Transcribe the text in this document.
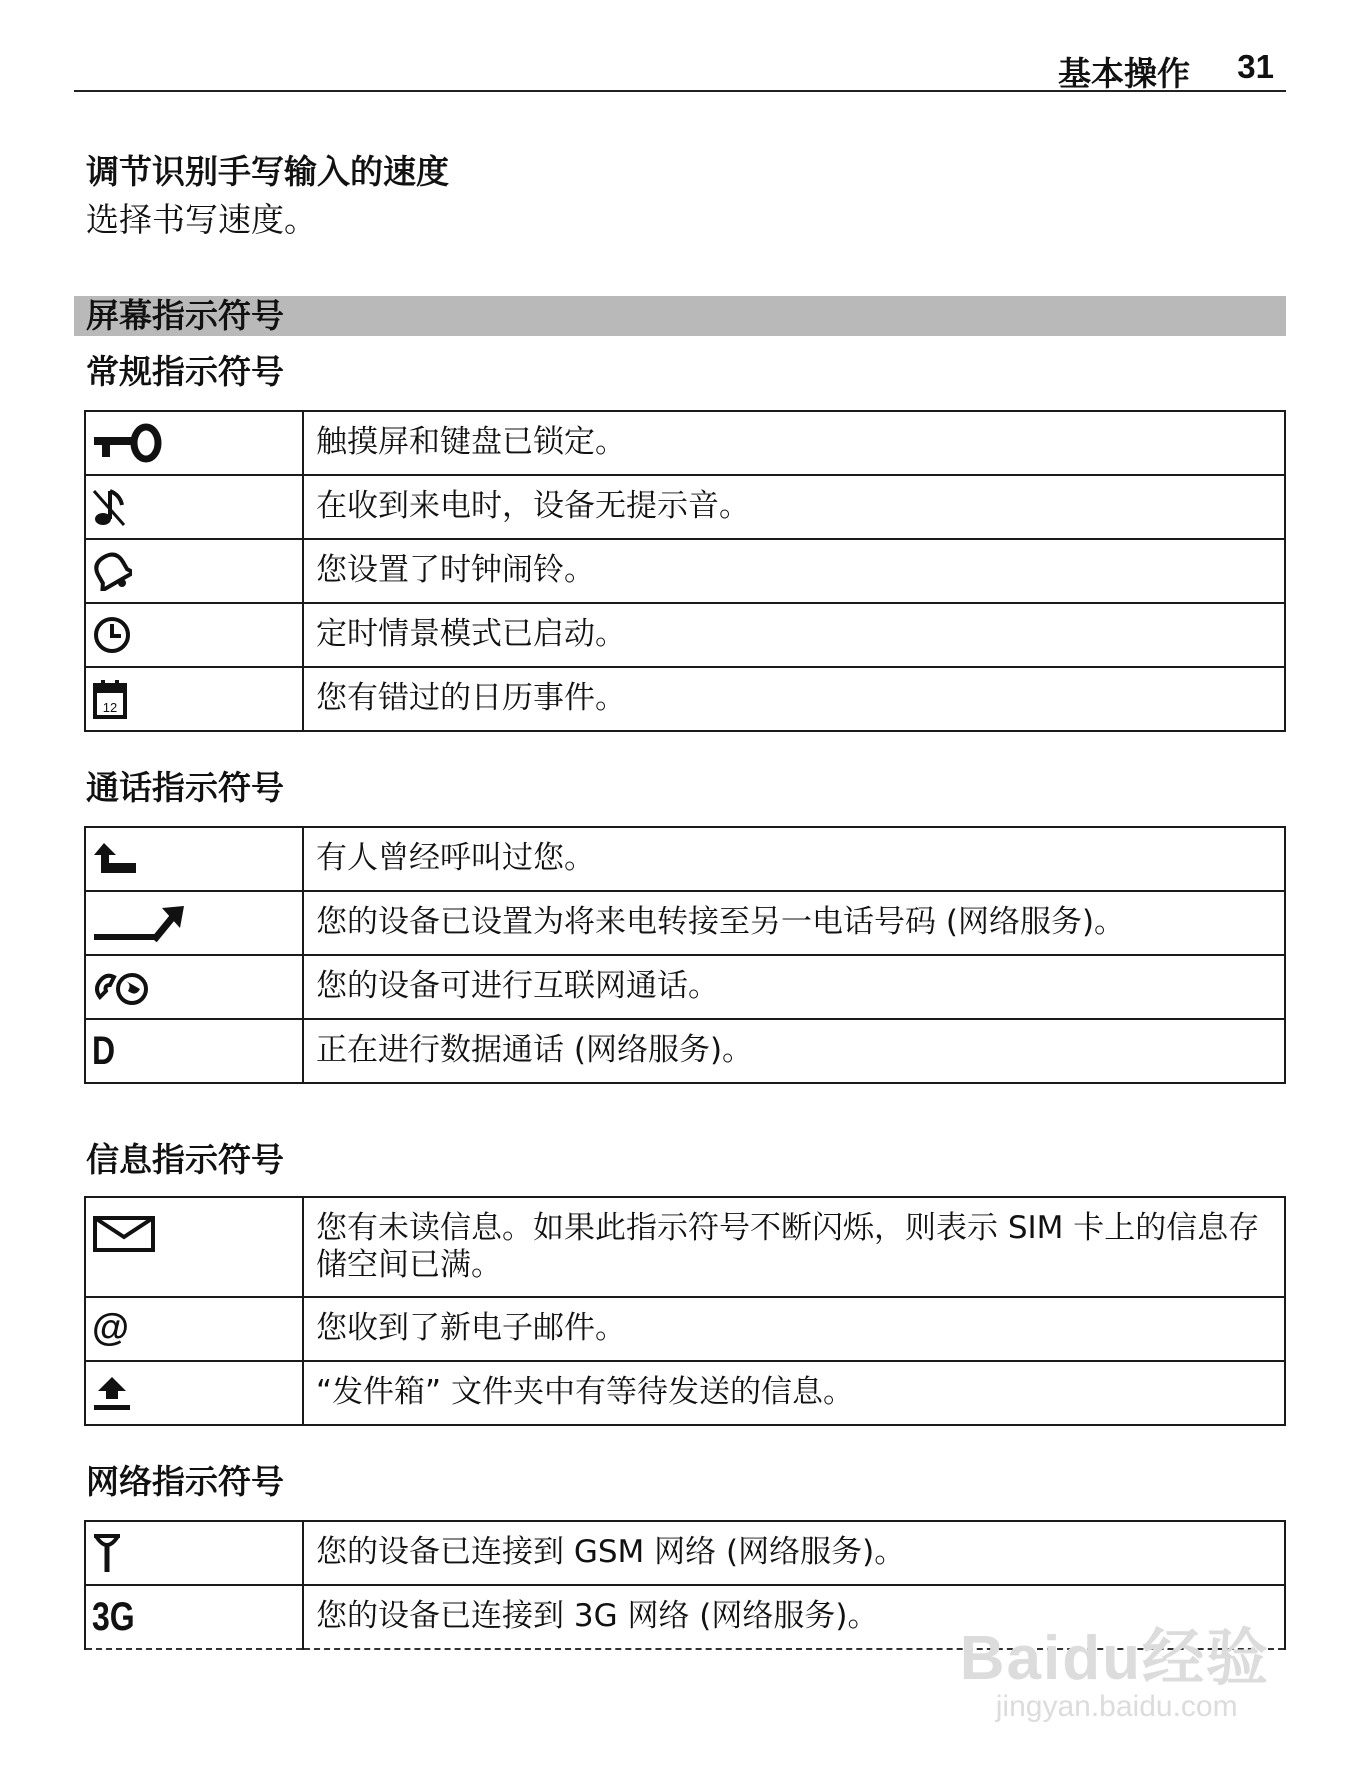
基本操作 31
调节识别手写输入的速度
选择书写速度。
屏幕指示符号
常规指示符号
	触摸屏和键盘已锁定。
	在收到来电时，设备无提示音。
	您设置了时钟闹铃。
	定时情景模式已启动。

12	您有错过的日历事件。
通话指示符号
	有人曾经呼叫过您。
	您的设备已设置为将来电转接至另一电话号码 (网络服务)。
	您的设备可进行互联网通话。
D	正在进行数据通话 (网络服务)。
信息指示符号
	您有未读信息。如果此指示符号不断闪烁，则表示 SIM 卡上的信息存储空间已满。
@	您收到了新电子邮件。
	“发件箱” 文件夹中有等待发送的信息。
网络指示符号
	您的设备已连接到 GSM 网络 (网络服务)。
3G	您的设备已连接到 3G 网络 (网络服务)。
Baidu经验
jingyan.baidu.com
